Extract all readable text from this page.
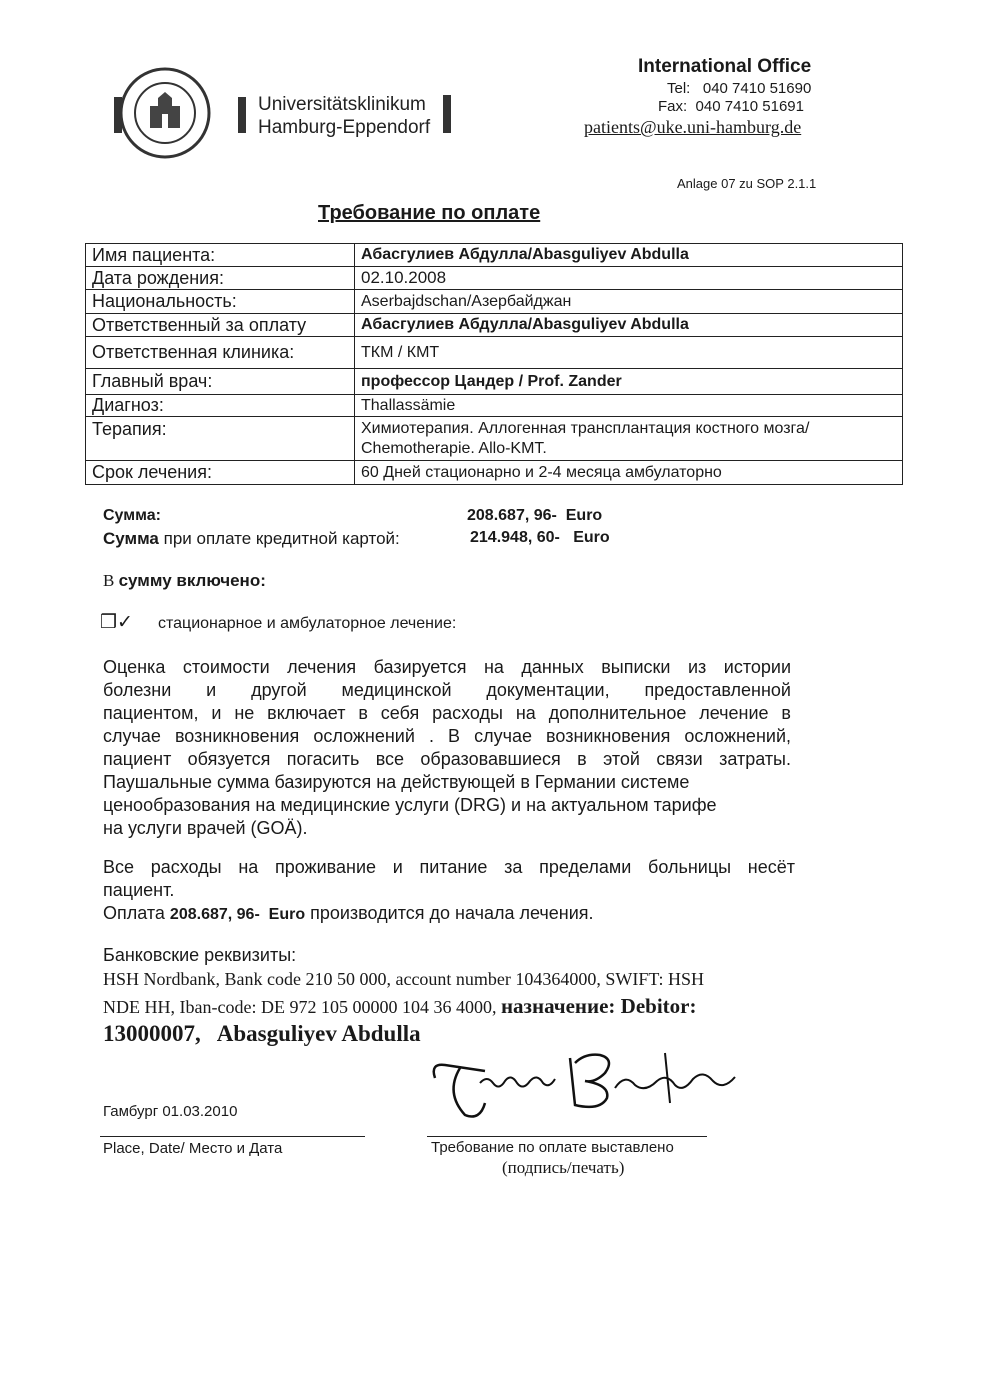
Universitätsklinikum
Hamburg-Eppendorf
International Office
Tel: 040 7410 51690
Fax: 040 7410 51691
patients@uke.uni-hamburg.de
Anlage 07 zu SOP 2.1.1
Требование по оплате
Имя пациента:	Абасгулиев Абдулла/Abasguliyev Abdulla
Дата рождения:	02.10.2008
Национальность:	Aserbajdschan/Азербайджан
Ответственный за оплату	Абасгулиев Абдулла/Abasguliyev Abdulla
Ответственная клиника:	ТКМ / КМТ
Главный врач:	профессор Цандер / Prof. Zander
Диагноз:	Thallassämie
Терапия:	Химиотерапия. Аллогенная трансплантация костного мозга/
Chemotherapie. Allo-KMT.

Срок лечения:	60 Дней стационарно и 2-4 месяца амбулаторно
Сумма:	208.687, 96-  Euro
Сумма при оплате кредитной картой:	214.948, 60-   Euro
В сумму включено:
❒✓ стационарное и амбулаторное лечение:
Оценка стоимости лечения базируется на данных выписки из истории
болезни и другой медицинской документации, предоставленной
пациентом, и не включает в себя расходы на дополнительное лечение в
случае возникновения осложнений . В случае возникновения осложнений,
пациент обязуется погасить все образовавшиеся в этой связи затраты.
Паушальные сумма базируются на действующей в Германии системе
ценообразования на медицинские услуги (DRG) и на актуальном тарифе
на услуги врачей (GOÄ).
Все расходы на проживание и питание за пределами больницы несёт
пациент.
Оплата 208.687, 96-  Euro производится до начала лечения.
Банковские реквизиты:
HSH Nordbank, Bank code 210 50 000, account number 104364000, SWIFT: HSH
NDE HH, Iban-code: DE 972 105 00000 104 36 4000, назначение: Debitor:
13000007,   Abasguliyev Abdulla
Гамбург 01.03.2010
Place, Date/ Место и Дата	Требование по оплате выставлено
(подпись/печать)
